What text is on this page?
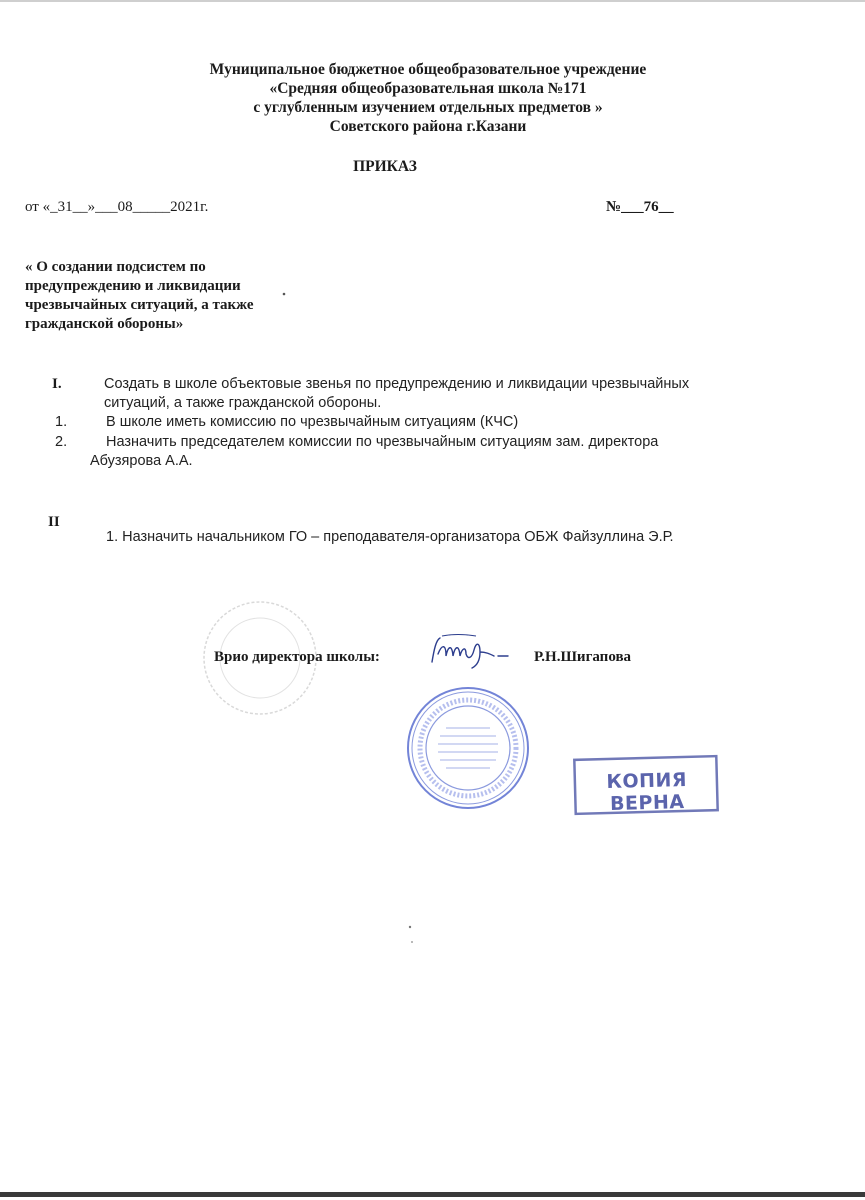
Муниципальное бюджетное общеобразовательное учреждение
«Средняя общеобразовательная школа №171
с углубленным изучением отдельных предметов »
Советского района г.Казани
ПРИКАЗ
от «_31__»___08_____2021г.	№___76__
« О создании подсистем по
предупреждению и ликвидации
чрезвычайных ситуаций, а также
гражданской обороны»
I.	Создать в школе объектовые звенья по предупреждению и ликвидации чрезвычайных ситуаций, а также гражданской обороны.
1.	В школе иметь комиссию по чрезвычайным ситуациям (КЧС)
2.	Назначить председателем комиссии по чрезвычайным ситуациям зам. директора
Абузярова А.А.
II
1. Назначить начальником ГО – преподавателя-организатора ОБЖ Файзуллина Э.Р.
Врио директора школы:	Р.Н.Шигапова
КОПИЯ ВЕРНА
